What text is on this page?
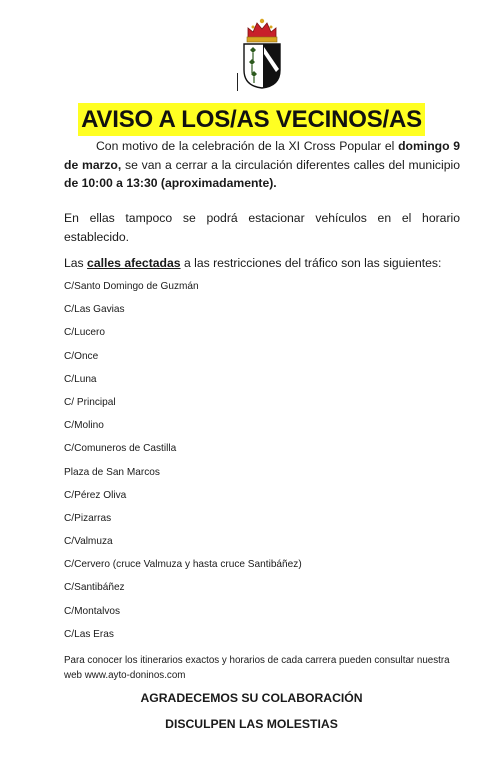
AVISO A LOS/AS VECINOS/AS

Con motivo de la celebración de la XI Cross Popular el domingo 9 de marzo, se van a cerrar a la circulación diferentes calles del municipio de 10:00 a 13:30 (aproximadamente).

En ellas tampoco se podrá estacionar vehículos en el horario establecido.

Las calles afectadas a las restricciones del tráfico son las siguientes:

C/Santo Domingo de Guzmán
C/Las Gavias
C/Lucero
C/Once
C/Luna
C/ Principal
C/Molino
C/Comuneros de Castilla
Plaza de San Marcos
C/Pérez Oliva
C/Pizarras
C/Valmuza
C/Cervero (cruce Valmuza y hasta cruce Santibáñez)
C/Santibáñez
C/Montalvos
C/Las Eras
Para conocer los itinerarios exactos y horarios de cada carrera pueden consultar nuestra web www.ayto-doninos.com
AGRADECEMOS SU COLABORACIÓN
DISCULPEN LAS MOLESTIAS
